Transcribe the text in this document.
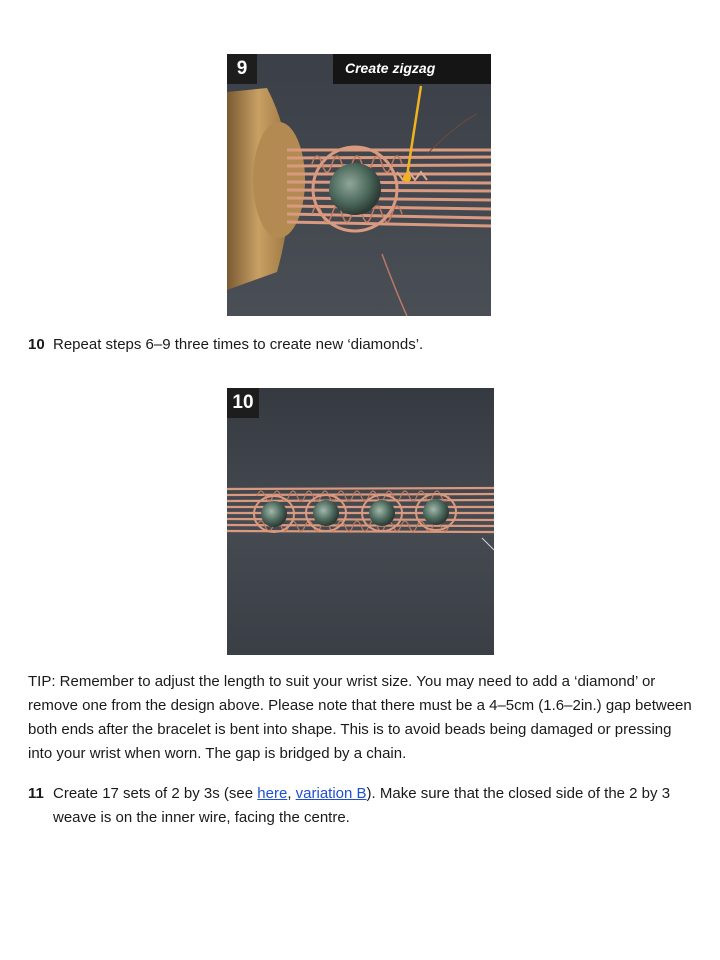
9	Create zigzag
10 Repeat steps 6–9 three times to create new ‘diamonds’.
10

TIP: Remember to adjust the length to suit your wrist size. You may need to add a ‘diamond’ or remove one from the design above. Please note that there must be a 4–5cm (1.6–2in.) gap between both ends after the bracelet is bent into shape. This is to avoid beads being damaged or pressing into your wrist when worn. The gap is bridged by a chain.

11 Create 17 sets of 2 by 3s (see here, variation B). Make sure that the closed side of the 2 by 3 weave is on the inner wire, facing the centre.
